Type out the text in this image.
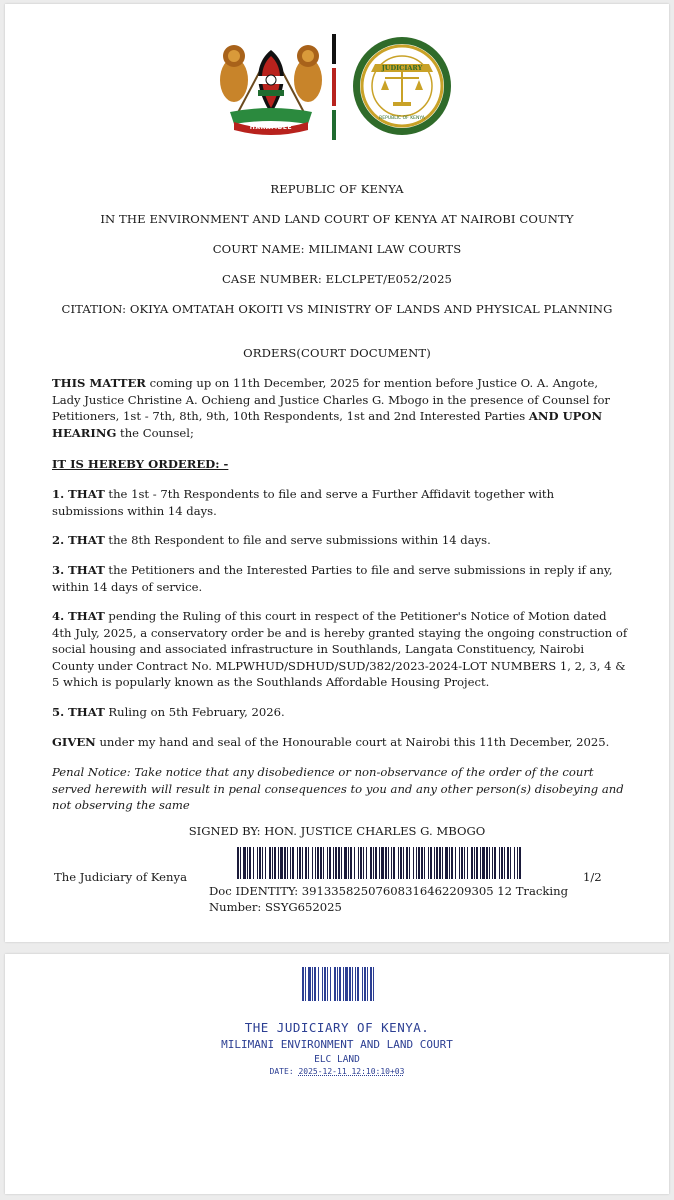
HARAMBEE
JUDICIARY
REPUBLIC OF KENYA
REPUBLIC OF KENYA
IN THE ENVIRONMENT AND LAND COURT OF KENYA AT NAIROBI COUNTY
COURT NAME: MILIMANI LAW COURTS
CASE NUMBER: ELCLPET/E052/2025
CITATION: OKIYA OMTATAH OKOITI VS MINISTRY OF LANDS AND PHYSICAL PLANNING
ORDERS(COURT DOCUMENT)

THIS MATTER coming up on 11th December, 2025 for mention before Justice O. A. Angote, Lady Justice Christine A. Ochieng and Justice Charles G. Mbogo in the presence of Counsel for Petitioners, 1st - 7th, 8th, 9th, 10th Respondents, 1st and 2nd Interested Parties AND UPON HEARING the Counsel;

IT IS HEREBY ORDERED: -

1. THAT the 1st - 7th Respondents to file and serve a Further Affidavit together with submissions within 14 days.

2. THAT the 8th Respondent to file and serve submissions within 14 days.

3. THAT the Petitioners and the Interested Parties to file and serve submissions in reply if any, within 14 days of service.

4. THAT pending the Ruling of this court in respect of the Petitioner's Notice of Motion dated 4th July, 2025, a conservatory order be and is hereby granted staying the ongoing construction of social housing and associated infrastructure in Southlands, Langata Constituency, Nairobi County under Contract No. MLPWHUD/SDHUD/SUD/382/2023-2024-LOT NUMBERS 1, 2, 3, 4 & 5 which is popularly known as the Southlands Affordable Housing Project.

5. THAT Ruling on 5th February, 2026.

GIVEN under my hand and seal of the Honourable court at Nairobi this 11th December, 2025.

Penal Notice: Take notice that any disobedience or non-observance of the order of the court served herewith will result in penal consequences to you and any other person(s) disobeying and not observing the same

SIGNED BY: HON. JUSTICE CHARLES G. MBOGO
The Judiciary of Kenya
Doc IDENTITY: 39133582507608316462209305 12 Tracking Number: SSYG652025
1/2
THE JUDICIARY OF KENYA.
MILIMANI ENVIRONMENT AND LAND COURT
ELC LAND
DATE: 2025-12-11 12:10:10+03
